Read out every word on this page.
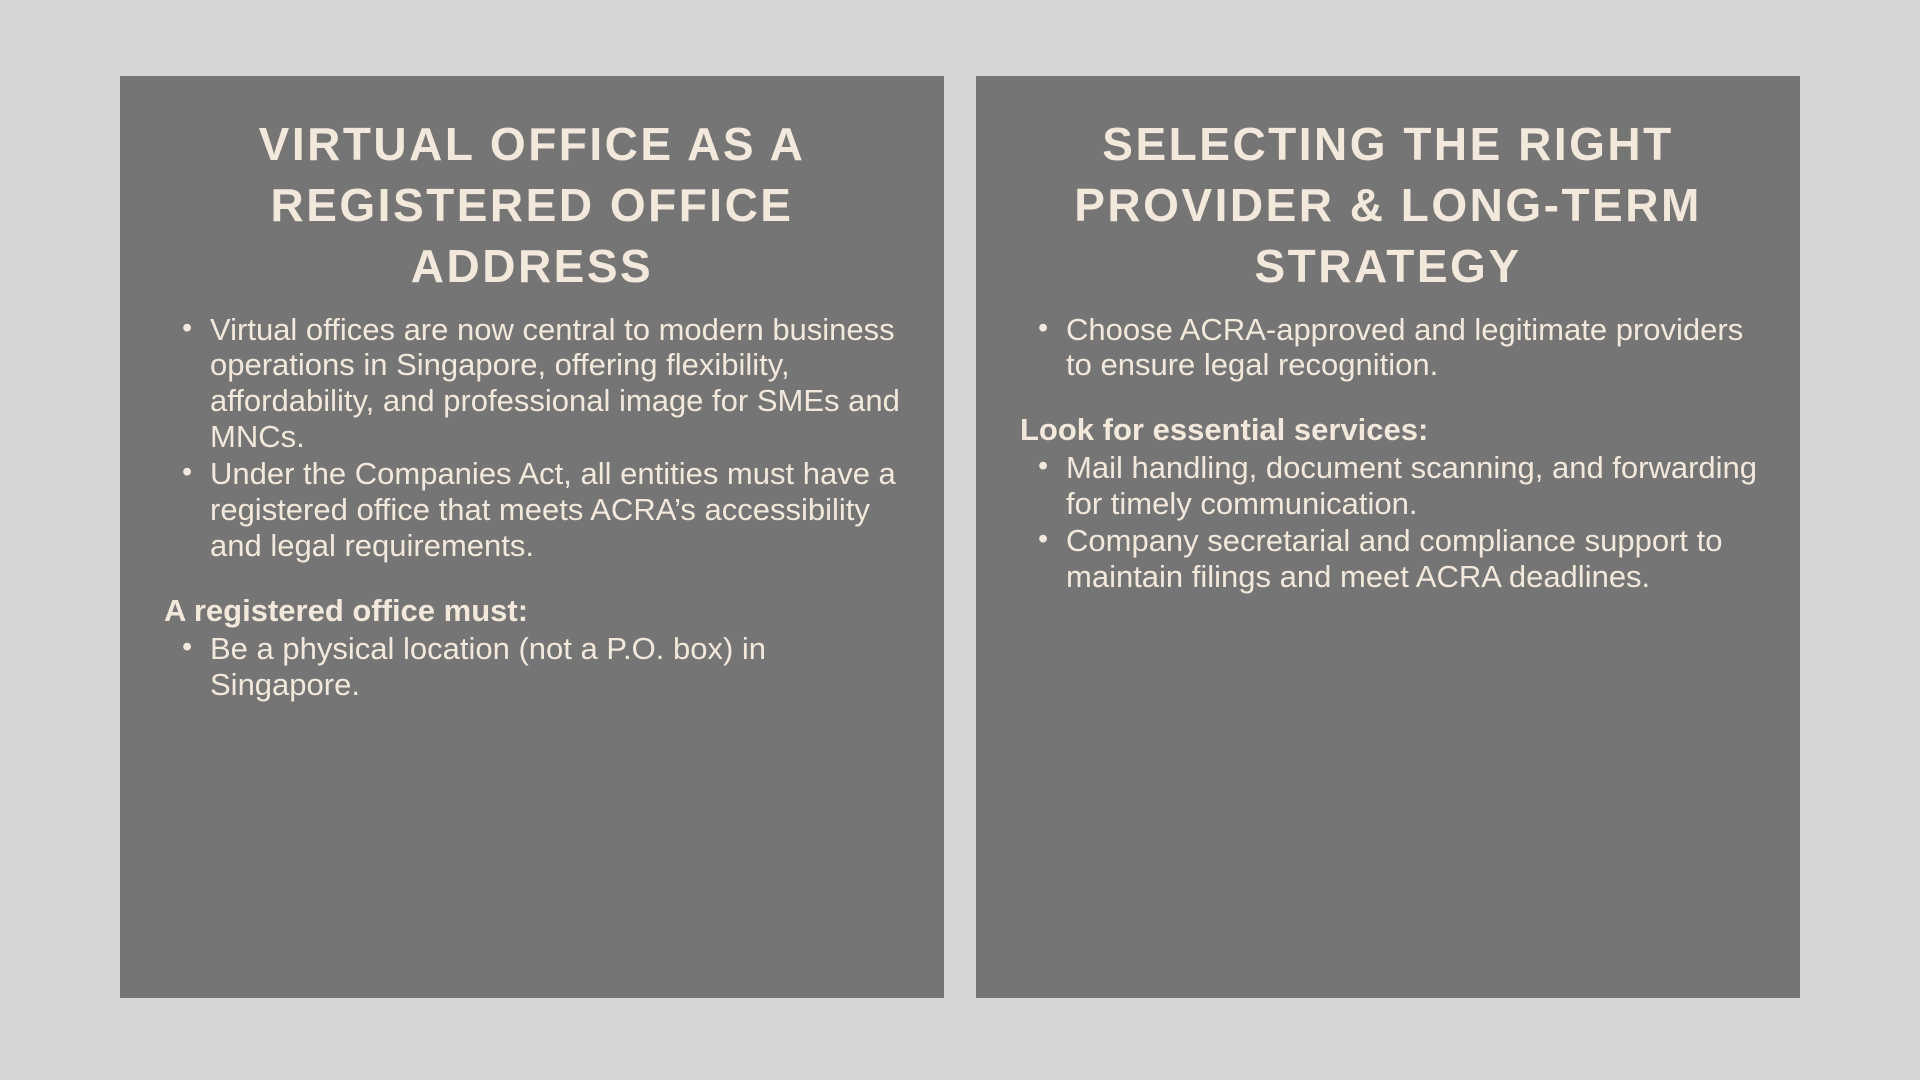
VIRTUAL OFFICE AS A REGISTERED OFFICE ADDRESS
• Virtual offices are now central to modern business operations in Singapore, offering flexibility, affordability, and professional image for SMEs and MNCs.
• Under the Companies Act, all entities must have a registered office that meets ACRA’s accessibility and legal requirements.
A registered office must:
• Be a physical location (not a P.O. box) in Singapore.
SELECTING THE RIGHT PROVIDER & LONG-TERM STRATEGY
• Choose ACRA-approved and legitimate providers to ensure legal recognition.
Look for essential services:
• Mail handling, document scanning, and forwarding for timely communication.
• Company secretarial and compliance support to maintain filings and meet ACRA deadlines.
